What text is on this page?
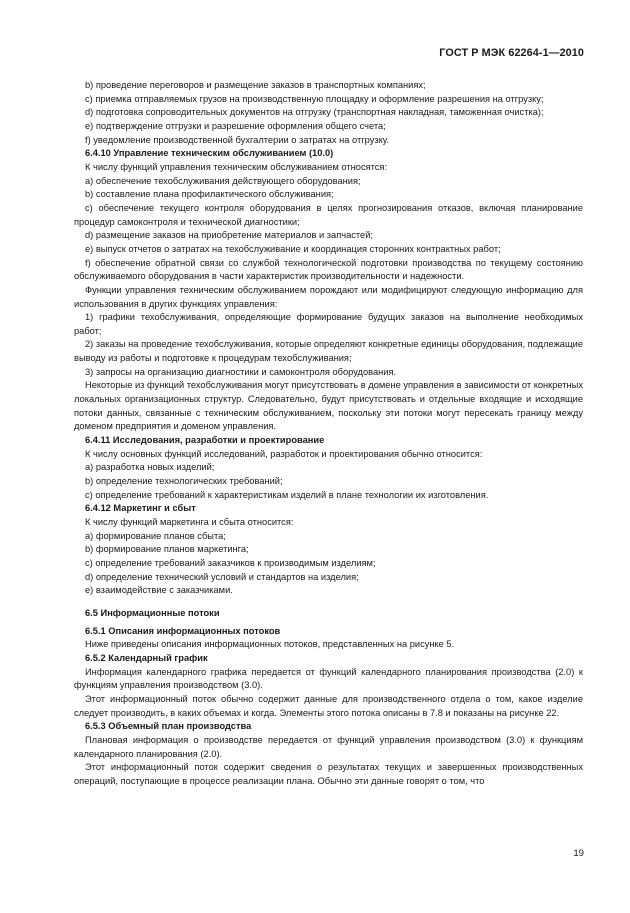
ГОСТ Р МЭК 62264-1—2010
b) проведение переговоров и размещение заказов в транспортных компаниях;
с) приемка отправляемых грузов на производственную площадку и оформление разрешения на отгрузку;
d) подготовка сопроводительных документов на отгрузку (транспортная накладная, таможенная очистка);
е) подтверждение отгрузки и разрешение оформления общего счета;
f) уведомление производственной бухгалтерии о затратах на отгрузку.
6.4.10 Управление техническим обслуживанием (10.0)
К числу функций управления техническим обслуживанием относятся:
а) обеспечение техобслуживания действующего оборудования;
b) составление плана профилактического обслуживания;
с) обеспечение текущего контроля оборудования в целях прогнозирования отказов, включая планирование процедур самоконтроля и технической диагностики;
d) размещение заказов на приобретение материалов и запчастей;
е) выпуск отчетов о затратах на техобслуживание и координация сторонних контрактных работ;
f) обеспечение обратной связи со службой технологической подготовки производства по текущему состоянию обслуживаемого оборудования в части характеристик производительности и надежности.
Функции управления техническим обслуживанием порождают или модифицируют следующую информацию для использования в других функциях управления:
1) графики техобслуживания, определяющие формирование будущих заказов на выполнение необходимых работ;
2) заказы на проведение техобслуживания, которые определяют конкретные единицы оборудования, подлежащие выводу из работы и подготовке к процедурам техобслуживания;
3) запросы на организацию диагностики и самоконтроля оборудования.
Некоторые из функций техобслуживания могут присутствовать в домене управления в зависимости от конкретных локальных организационных структур. Следовательно, будут присутствовать и отдельные входящие и исходящие потоки данных, связанные с техническим обслуживанием, поскольку эти потоки могут пересекать границу между доменом предприятия и доменом управления.
6.4.11 Исследования, разработки и проектирование
К числу основных функций исследований, разработок и проектирования обычно относится:
а) разработка новых изделий;
b) определение технологических требований;
с) определение требований к характеристикам изделий в плане технологии их изготовления.
6.4.12 Маркетинг и сбыт
К числу функций маркетинга и сбыта относится:
а) формирование планов сбыта;
b) формирование планов маркетинга;
с) определение требований заказчиков к производимым изделиям;
d) определение технический условий и стандартов на изделия;
е) взаимодействие с заказчиками.
6.5 Информационные потоки
6.5.1 Описания информационных потоков
Ниже приведены описания информационных потоков, представленных на рисунке 5.
6.5.2 Календарный график
Информация календарного графика передается от функций календарного планирования производства (2.0) к функциям управления производством (3.0).
Этот информационный поток обычно содержит данные для производственного отдела о том, какое изделие следует производить, в каких объемах и когда. Элементы этого потока описаны в 7.8 и показаны на рисунке 22.
6.5.3 Объемный план производства
Плановая информация о производстве передается от функций управления производством (3.0) к функциям календарного планирования (2.0).
Этот информационный поток содержит сведения о результатах текущих и завершенных производственных операций, поступающие в процессе реализации плана. Обычно эти данные говорят о том, что
19
